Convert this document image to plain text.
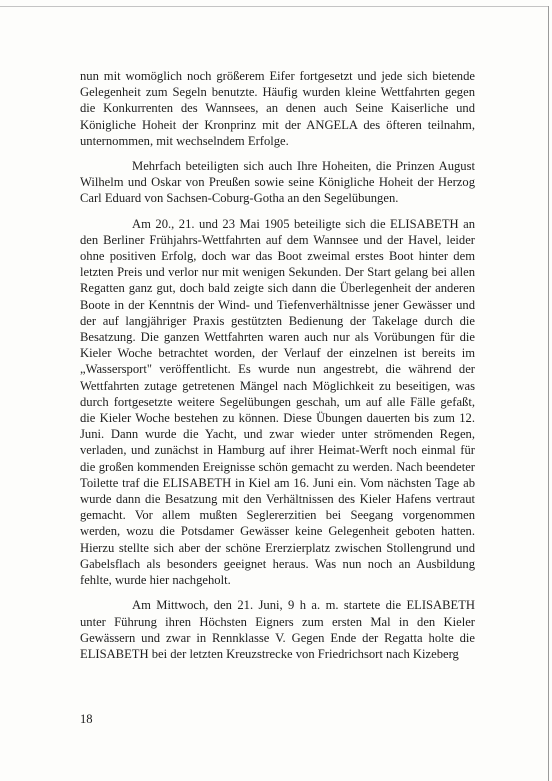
nun mit womöglich noch größerem Eifer fortgesetzt und jede sich bietende Gelegenheit zum Segeln benutzte. Häufig wurden kleine Wettfahrten gegen die Konkurrenten des Wannsees, an denen auch Seine Kaiserliche und Königliche Hoheit der Kronprinz mit der ANGELA des öfteren teilnahm, unternommen, mit wechselndem Erfolge.

Mehrfach beteiligten sich auch Ihre Hoheiten, die Prinzen August Wilhelm und Oskar von Preußen sowie seine Königliche Hoheit der Herzog Carl Eduard von Sachsen-Coburg-Gotha an den Segelübungen.

Am 20., 21. und 23 Mai 1905 beteiligte sich die ELISABETH an den Berliner Frühjahrs-Wettfahrten auf dem Wannsee und der Havel, leider ohne positiven Erfolg, doch war das Boot zweimal erstes Boot hinter dem letzten Preis und verlor nur mit wenigen Sekunden. Der Start gelang bei allen Regatten ganz gut, doch bald zeigte sich dann die Überlegenheit der anderen Boote in der Kenntnis der Wind- und Tiefenverhältnisse jener Gewässer und der auf langjähriger Praxis gestützten Bedienung der Takelage durch die Besatzung. Die ganzen Wettfahrten waren auch nur als Vorübungen für die Kieler Woche betrachtet worden, der Verlauf der einzelnen ist bereits im „Wassersport" veröffentlicht. Es wurde nun angestrebt, die während der Wettfahrten zutage getretenen Mängel nach Möglichkeit zu beseitigen, was durch fortgesetzte weitere Segelübungen geschah, um auf alle Fälle gefaßt, die Kieler Woche bestehen zu können. Diese Übungen dauerten bis zum 12. Juni. Dann wurde die Yacht, und zwar wieder unter strömenden Regen, verladen, und zunächst in Hamburg auf ihrer Heimat-Werft noch einmal für die großen kommenden Ereignisse schön gemacht zu werden. Nach beendeter Toilette traf die ELISABETH in Kiel am 16. Juni ein. Vom nächsten Tage ab wurde dann die Besatzung mit den Verhältnissen des Kieler Hafens vertraut gemacht. Vor allem mußten Seglererzitien bei Seegang vorgenommen werden, wozu die Potsdamer Gewässer keine Gelegenheit geboten hatten. Hierzu stellte sich aber der schöne Ererzierplatz zwischen Stollengrund und Gabelsflach als besonders geeignet heraus. Was nun noch an Ausbildung fehlte, wurde hier nachgeholt.

Am Mittwoch, den 21. Juni, 9 h a. m. startete die ELISABETH unter Führung ihren Höchsten Eigners zum ersten Mal in den Kieler Gewässern und zwar in Rennklasse V. Gegen Ende der Regatta holte die ELISABETH bei der letzten Kreuzstrecke von Friedrichsort nach Kizeberg

18
